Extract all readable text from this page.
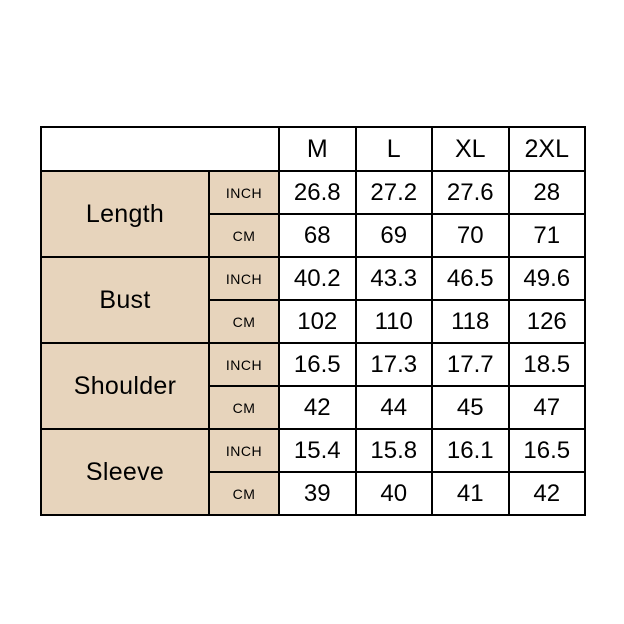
		M	L	XL	2XL
Length	INCH	26.8	27.2	27.6	28
	CM	68	69	70	71
Bust	INCH	40.2	43.3	46.5	49.6
	CM	102	110	118	126
Shoulder	INCH	16.5	17.3	17.7	18.5
	CM	42	44	45	47
Sleeve	INCH	15.4	15.8	16.1	16.5
	CM	39	40	41	42
